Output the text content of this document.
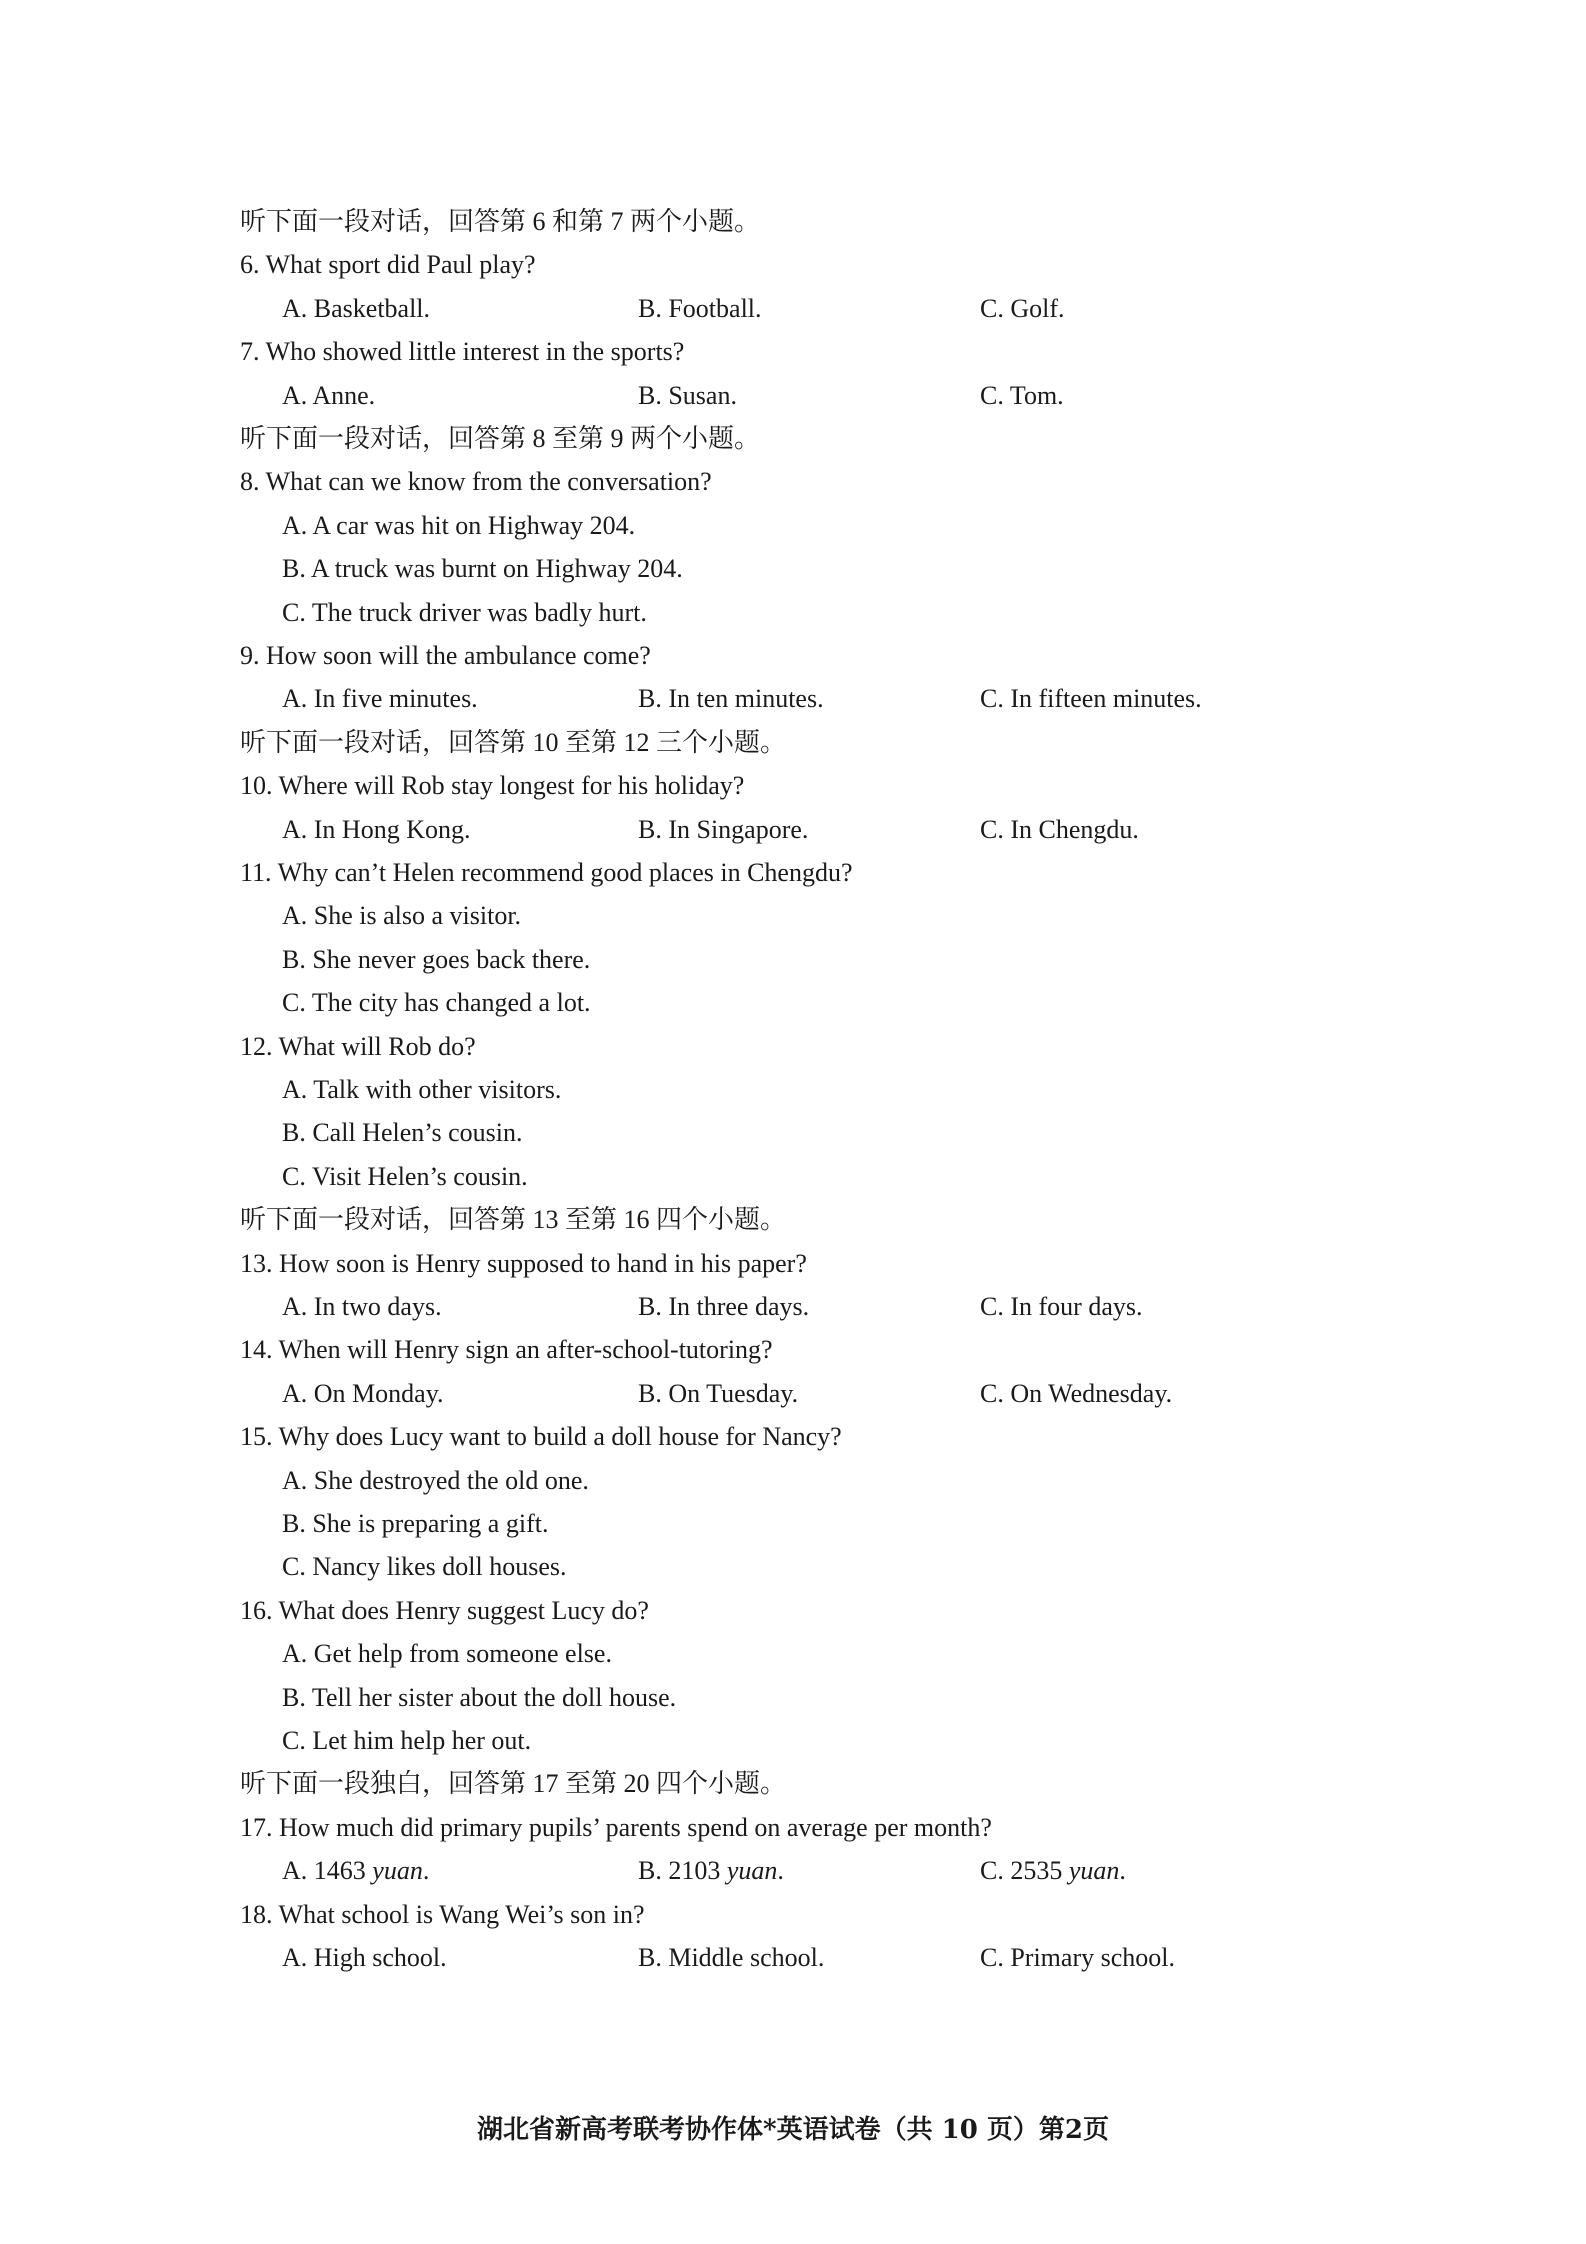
听下面一段对话，回答第 6 和第 7 两个小题。
6. What sport did Paul play?
A. Basketball.	B. Football.	C. Golf.
7. Who showed little interest in the sports?
A. Anne.	B. Susan.	C. Tom.
听下面一段对话，回答第 8 至第 9 两个小题。
8. What can we know from the conversation?
A. A car was hit on Highway 204.
B. A truck was burnt on Highway 204.
C. The truck driver was badly hurt.
9. How soon will the ambulance come?
A. In five minutes.	B. In ten minutes.	C. In fifteen minutes.
听下面一段对话，回答第 10 至第 12 三个小题。
10. Where will Rob stay longest for his holiday?
A. In Hong Kong.	B. In Singapore.	C. In Chengdu.
11. Why can’t Helen recommend good places in Chengdu?
A. She is also a visitor.
B. She never goes back there.
C. The city has changed a lot.
12. What will Rob do?
A. Talk with other visitors.
B. Call Helen’s cousin.
C. Visit Helen’s cousin.
听下面一段对话，回答第 13 至第 16 四个小题。
13. How soon is Henry supposed to hand in his paper?
A. In two days.	B. In three days.	C. In four days.
14. When will Henry sign an after-school-tutoring?
A. On Monday.	B. On Tuesday.	C. On Wednesday.
15. Why does Lucy want to build a doll house for Nancy?
A. She destroyed the old one.
B. She is preparing a gift.
C. Nancy likes doll houses.
16. What does Henry suggest Lucy do?
A. Get help from someone else.
B. Tell her sister about the doll house.
C. Let him help her out.
听下面一段独白，回答第 17 至第 20 四个小题。
17. How much did primary pupils’ parents spend on average per month?
A. 1463 yuan.	B. 2103 yuan.	C. 2535 yuan.
18. What school is Wang Wei’s son in?
A. High school.	B. Middle school.	C. Primary school.
湖北省新高考联考协作体*英语试卷（共 10 页）第2页
